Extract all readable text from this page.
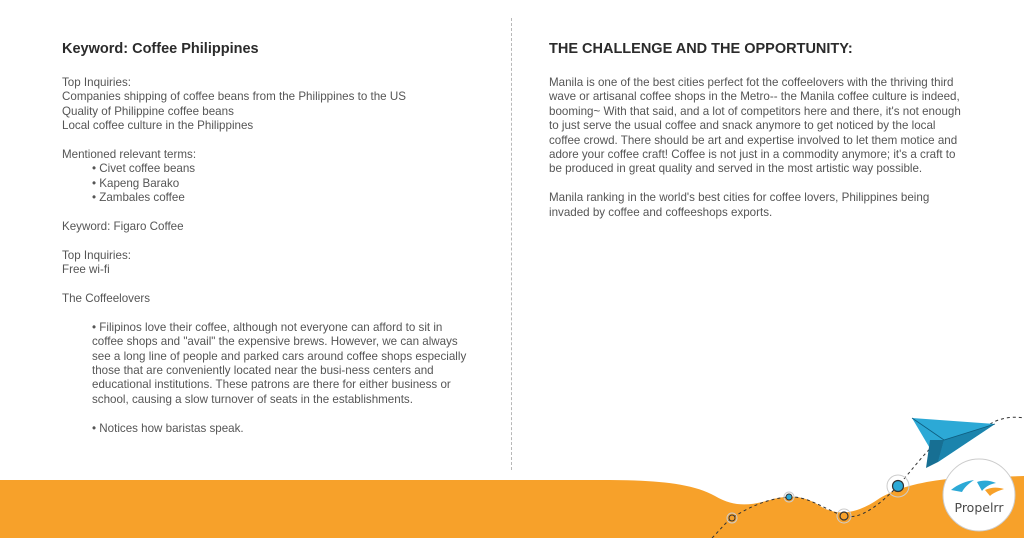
Keyword: Coffee Philippines
Top Inquiries:
Companies shipping of coffee beans from the Philippines to the US
Quality of Philippine coffee beans
Local coffee culture in the Philippines
Mentioned relevant terms:
• Civet coffee beans
• Kapeng Barako
• Zambales coffee
Keyword: Figaro Coffee
Top Inquiries:
Free wi-fi
The Coffeelovers
• Filipinos love their coffee, although not everyone can afford to sit in coffee shops and "avail" the expensive brews. However, we can always see a long line of people and parked cars around coffee shops especially those that are conveniently located near the busi-ness centers and educational institutions. These patrons are there for either business or school, causing a slow turnover of seats in the establishments.
• Notices how baristas speak.
THE CHALLENGE AND THE OPPORTUNITY:
Manila is one of the best cities perfect fot the coffeelovers with the thriving third wave or artisanal coffee shops in the Metro-- the Manila coffee culture is indeed, booming~ With that said, and a lot of competitors here and there, it's not enough to just serve the usual coffee and snack anymore to get noticed by the local coffee crowd. There should be art and expertise involved to let them motice and adore your coffee craft! Coffee is not just in a commodity anymore; it's a craft to be produced in great quality and served in the most artistic way possible.
Manila ranking in the world's best cities for coffee lovers, Philippines being invaded by coffee and coffeeshops exports.
Propelrr
